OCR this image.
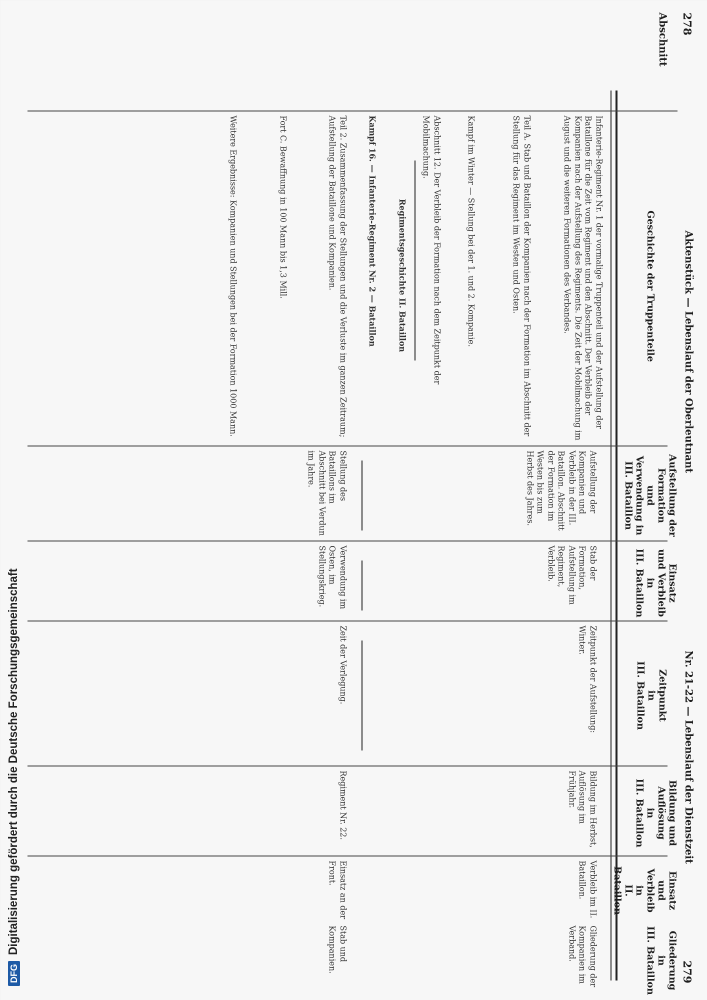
278
Aktenstück — Lebenslauf der Oberleutnant
Nr. 21-22 — Lebenslauf der Dienstzeit
279
Abschnitt
Geschichte der Truppenteile
Aufstellung der Formation
und
Verwendung in III. Bataillon
Einsatz
und Verbleib
in
III. Bataillon
Zeitpunkt
in
III. Bataillon
Bildung und Auflösung
in
III. Bataillon
Einsatz
und Verbleib
in
II. Bataillon
Gliederung
in
III. Bataillon
Infanterie-Regiment Nr. 1 der vormalige Truppenteil und der Aufstellung der Bataillone für die Zeit vom Regiment und den Abschnitt. Der Verbleib der Kompanien nach der Aufstellung des Regiments. Die Zeit der Mobilmachung im August und die weiteren Formationen des Verbandes.
Teil A. Stab und Bataillon der Kompanien nach der Formation im Abschnitt der Stellung für das Regiment im Westen und Osten.
Kampf im Winter — Stellung bei der 1. und 2. Kompanie.
Abschnitt 12. Der Verbleib der Formation nach dem Zeitpunkt der Mobilmachung.
Regimentsgeschichte II. Bataillon
Kampf 16. — Infanterie-Regiment Nr. 2 — Bataillon
Teil 2. Zusammenfassung der Stellungen und die Verluste im ganzen Zeitraum; Aufstellung der Bataillone und Kompanien.
Fort C. Bewaffnung in 100 Mann bis 1,3 Mill.
Weitere Ergebnisse: Kompanien und Stellungen bei der Formation 1000 Mann.
Aufstellung der Kompanien und Verbleib in der III. Bataillon. Abschnitt der Formation im Westen bis zum Herbst des Jahres.
Stellung des Bataillons im Abschnitt bei Verdun im Jahre.
Stab der Formation, Aufstellung im Regiment, Verbleib.
Verwendung im Osten, im Stellungskrieg.
Zeitpunkt der Aufstellung: Winter.
Zeit der Verlegung.
Bildung im Herbst, Auflösung im Frühjahr.
Regiment Nr. 22.
Verbleib im II. Bataillon.
Einsatz an der Front.
Gliederung der Kompanien im Verband.
Stab und Kompanien.
DFGDigitalisierung gefördert durch die Deutsche Forschungsgemeinschaft
